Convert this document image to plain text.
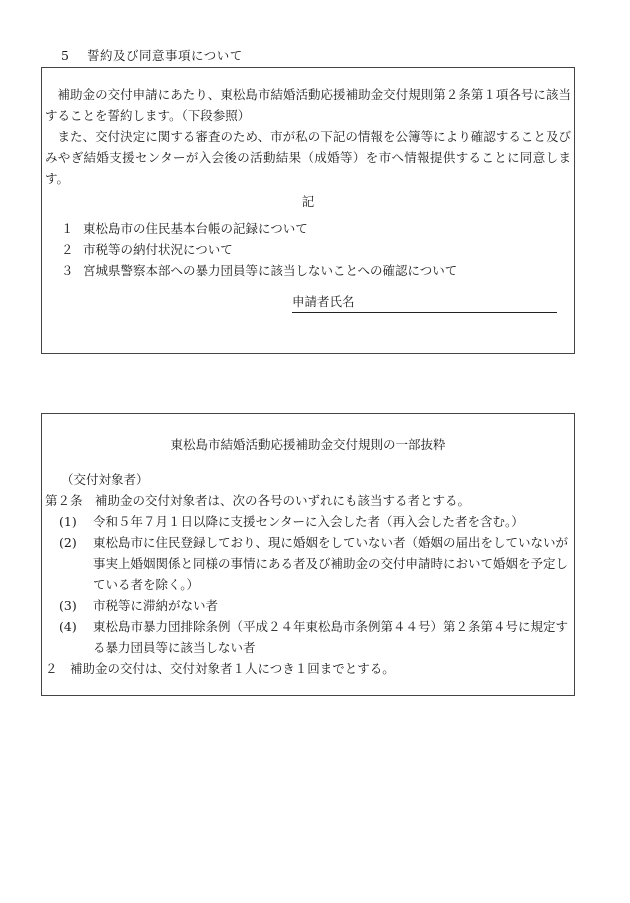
5　 誓約及び同意事項について

補助金の交付申請にあたり、東松島市結婚活動応援補助金交付規則第２条第１項各号に該当することを誓約します。（下段参照）

また、交付決定に関する審査のため、市が私の下記の情報を公簿等により確認すること及びみやぎ結婚支援センターが入会後の活動結果（成婚等）を市へ情報提供することに同意します。

記
１ 東松島市の住民基本台帳の記録について
２ 市税等の納付状況について
３ 宮城県警察本部への暴力団員等に該当しないことへの確認について
申請者氏名
東松島市結婚活動応援補助金交付規則の一部抜粋
（交付対象者）

第２条　補助金の交付対象者は、次の各号のいずれにも該当する者とする。

(1)	令和５年７月１日以降に支援センターに入会した者（再入会した者を含む。）
(2)	東松島市に住民登録しており、現に婚姻をしていない者（婚姻の届出をしていないが事実上婚姻関係と同様の事情にある者及び補助金の交付申請時において婚姻を予定している者を除く。）
(3)	市税等に滞納がない者
(4)	東松島市暴力団排除条例（平成２４年東松島市条例第４４号）第２条第４号に規定する暴力団員等に該当しない者

２　補助金の交付は、交付対象者１人につき１回までとする。
